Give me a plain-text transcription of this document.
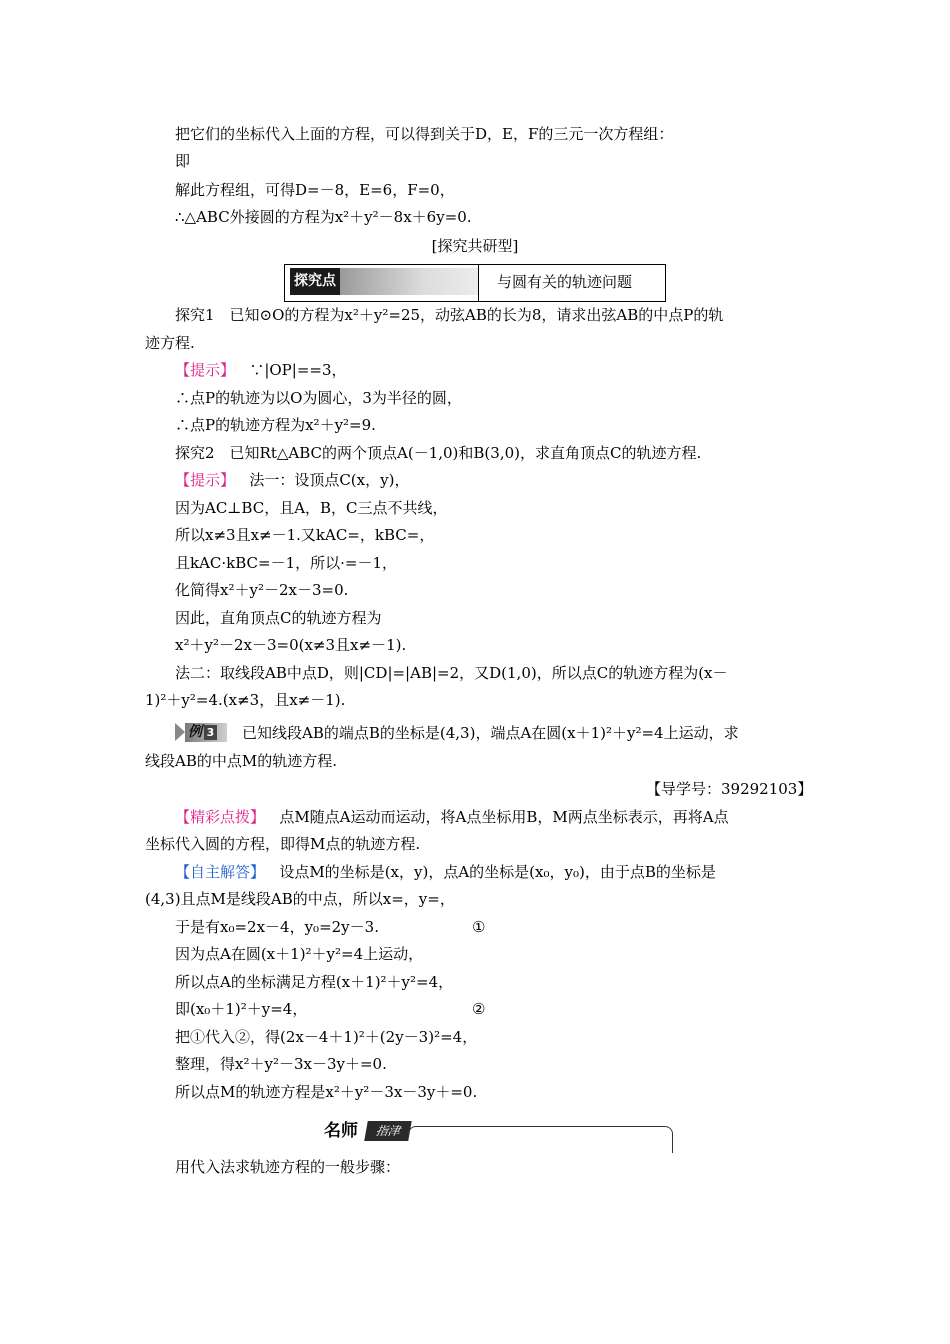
把它们的坐标代入上面的方程，可以得到关于D，E，F的三元一次方程组：
即
解此方程组，可得D=－8，E=6，F=0，
∴△ABC外接圆的方程为x²＋y²－8x＋6y=0.
[探究共研型]
探究点	与圆有关的轨迹问题
探究1　已知⊙O的方程为x²＋y²=25，动弦AB的长为8，请求出弦AB的中点P的轨
迹方程.
【提示】 ∵|OP|==3，
∴点P的轨迹为以O为圆心，3为半径的圆，
∴点P的轨迹方程为x²＋y²=9.
探究2　已知Rt△ABC的两个顶点A(－1,0)和B(3,0)，求直角顶点C的轨迹方程.
【提示】 法一：设顶点C(x，y)，
因为AC⊥BC，且A，B，C三点不共线，
所以x≠3且x≠－1.又kAC=，kBC=，
且kAC·kBC=－1，所以·=－1，
化简得x²＋y²－2x－3=0.
因此，直角顶点C的轨迹方程为
x²＋y²－2x－3=0(x≠3且x≠－1).
法二：取线段AB中点D，则|CD|=|AB|=2，又D(1,0)，所以点C的轨迹方程为(x－
1)²＋y²=4.(x≠3，且x≠－1).
例 3	已知线段AB的端点B的坐标是(4,3)，端点A在圆(x＋1)²＋y²=4上运动，求
线段AB的中点M的轨迹方程.
【导学号：39292103】
【精彩点拨】 点M随点A运动而运动，将A点坐标用B，M两点坐标表示，再将A点
坐标代入圆的方程，即得M点的轨迹方程.
【自主解答】 设点M的坐标是(x，y)，点A的坐标是(x₀，y₀)，由于点B的坐标是
(4,3)且点M是线段AB的中点，所以x=，y=，
于是有x₀=2x－4，y₀=2y－3.	①
因为点A在圆(x＋1)²＋y²=4上运动，
所以点A的坐标满足方程(x＋1)²＋y²=4，
即(x₀＋1)²＋y=4，	②
把①代入②，得(2x－4＋1)²＋(2y－3)²=4，
整理，得x²＋y²－3x－3y＋=0.
所以点M的轨迹方程是x²＋y²－3x－3y＋=0.
名师	指津
用代入法求轨迹方程的一般步骤：
